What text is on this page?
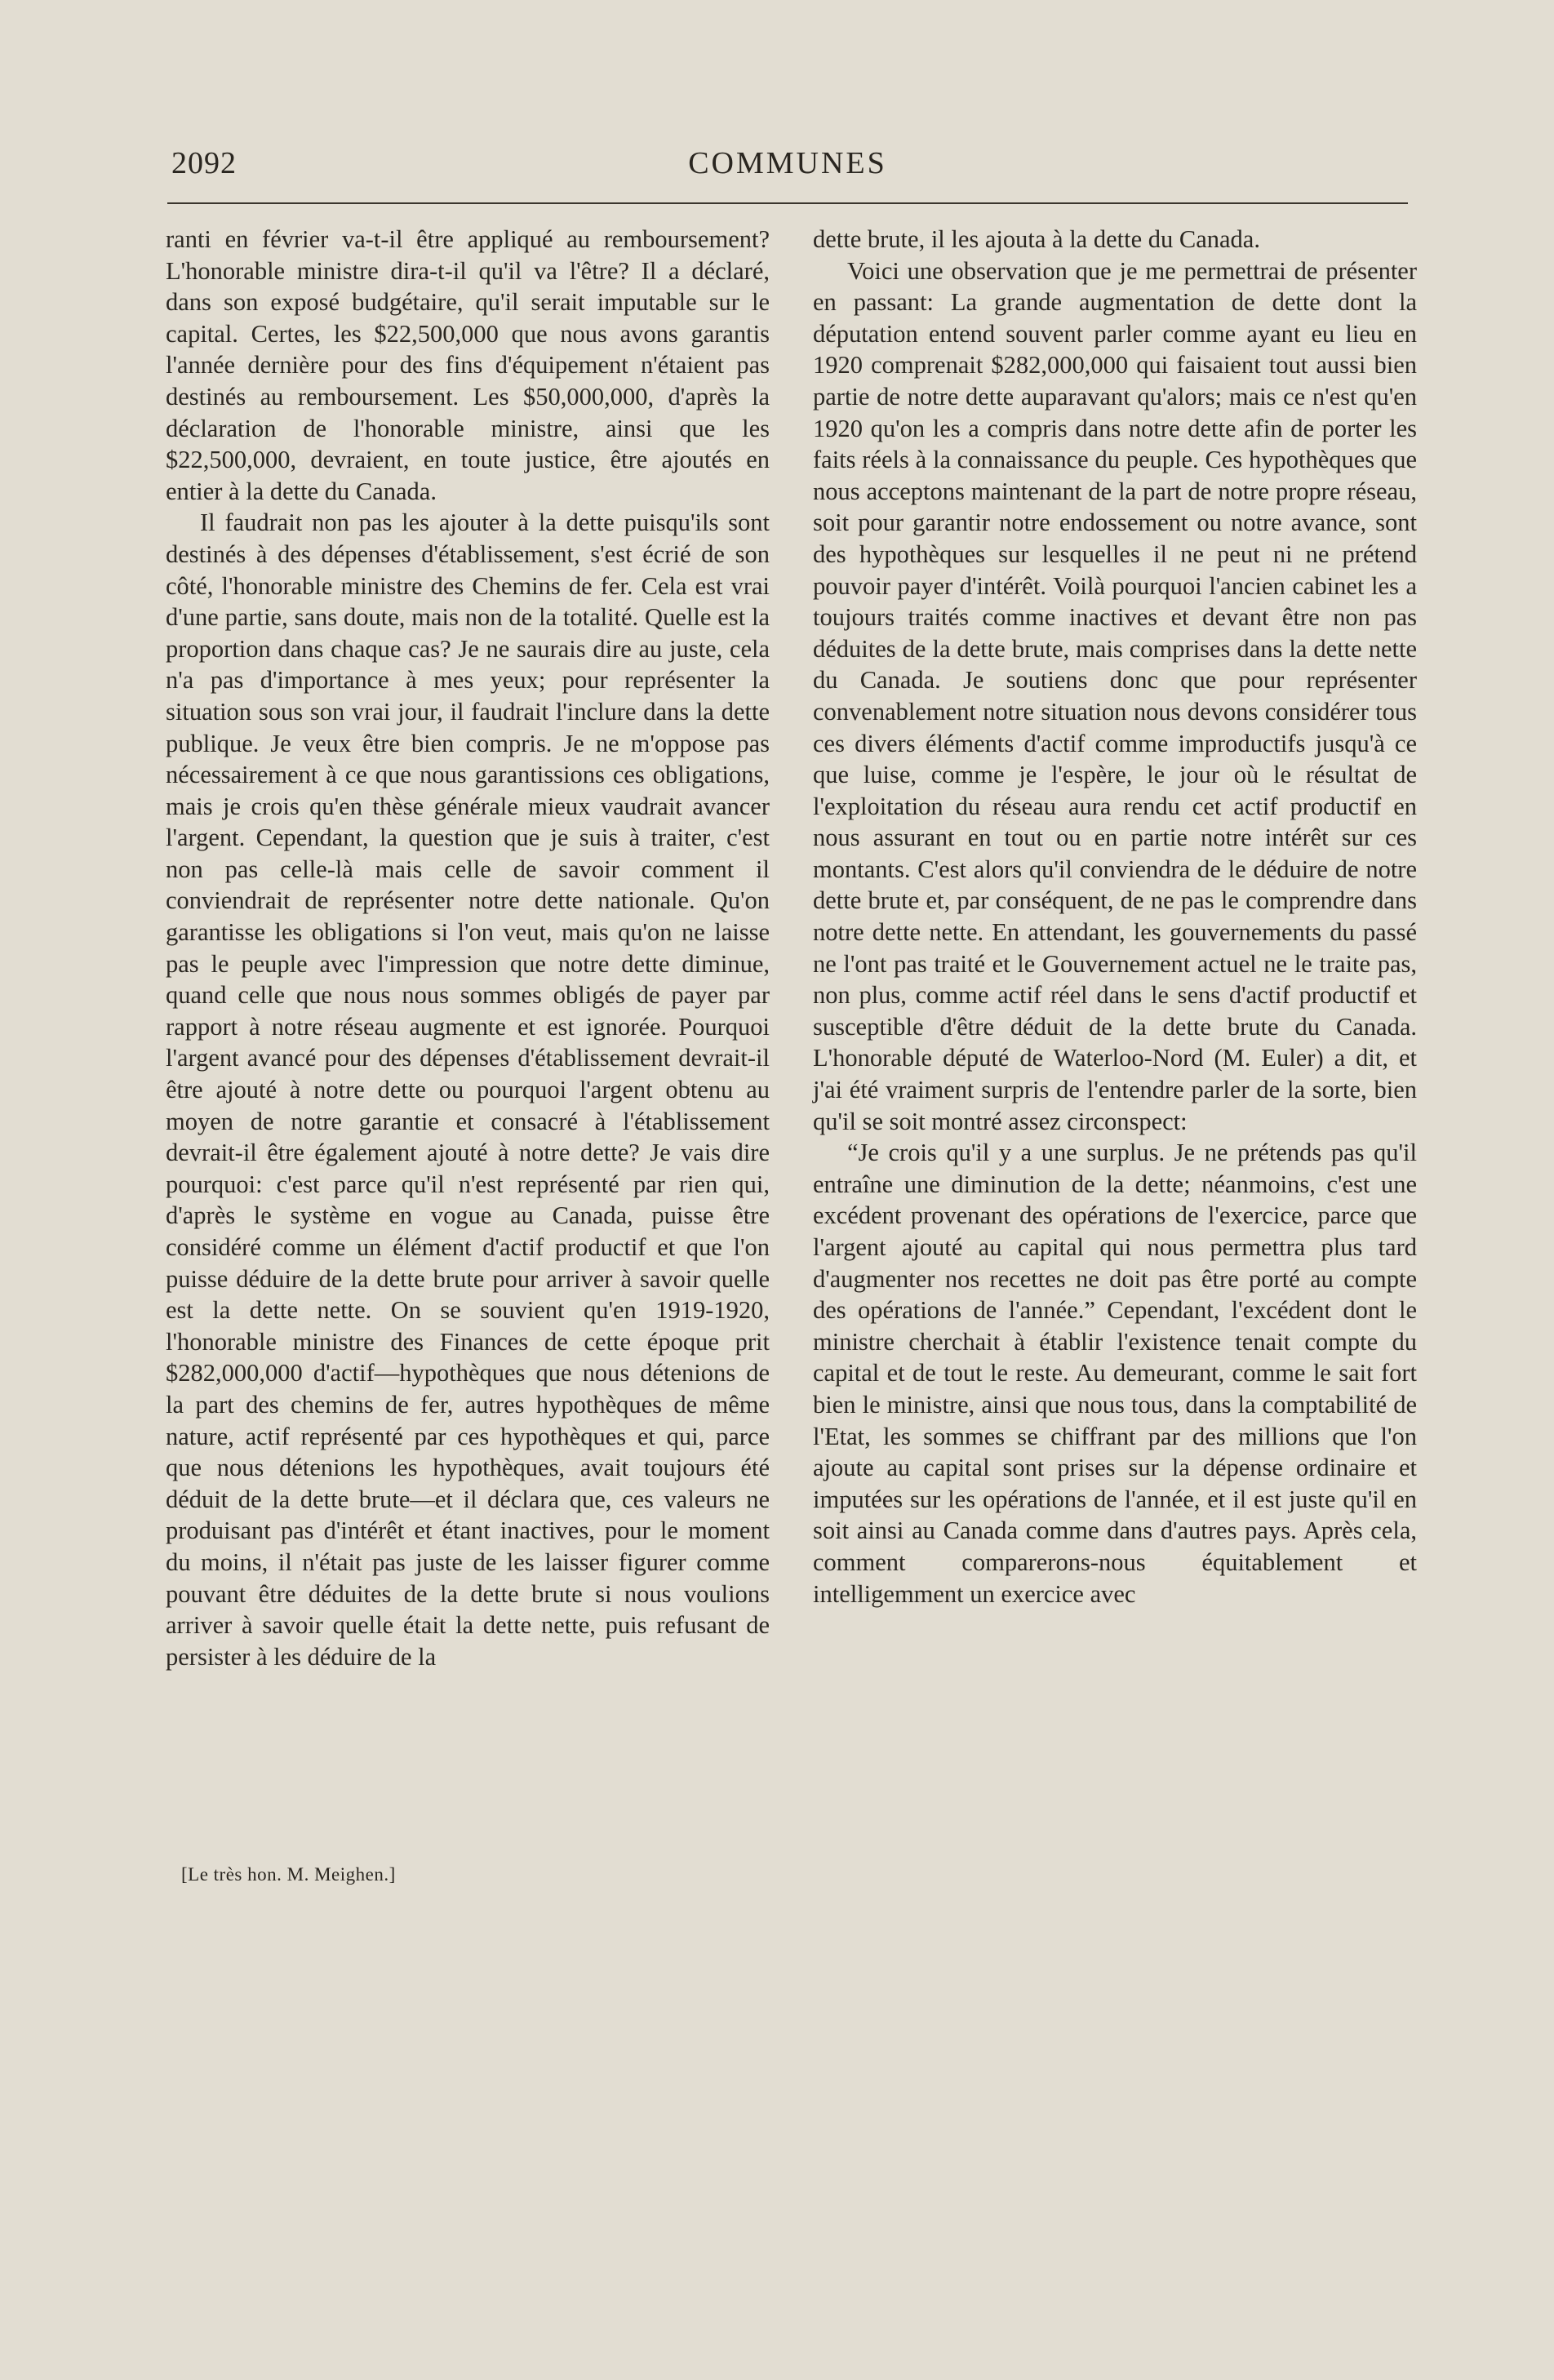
2092	COMMUNES

ranti en février va-t-il être appliqué au remboursement? L'honorable ministre dira-t-il qu'il va l'être? Il a déclaré, dans son exposé budgétaire, qu'il serait imputable sur le capital. Certes, les $22,500,000 que nous avons garantis l'année dernière pour des fins d'équipement n'étaient pas destinés au remboursement. Les $50,000,000, d'après la déclaration de l'honorable ministre, ainsi que les $22,500,000, devraient, en toute justice, être ajoutés en entier à la dette du Canada.

Il faudrait non pas les ajouter à la dette puisqu'ils sont destinés à des dépenses d'établissement, s'est écrié de son côté, l'honorable ministre des Chemins de fer. Cela est vrai d'une partie, sans doute, mais non de la totalité. Quelle est la proportion dans chaque cas? Je ne saurais dire au juste, cela n'a pas d'importance à mes yeux; pour représenter la situation sous son vrai jour, il faudrait l'inclure dans la dette publique. Je veux être bien compris. Je ne m'oppose pas nécessairement à ce que nous garantissions ces obligations, mais je crois qu'en thèse générale mieux vaudrait avancer l'argent. Cependant, la question que je suis à traiter, c'est non pas celle-là mais celle de savoir comment il conviendrait de représenter notre dette nationale. Qu'on garantisse les obligations si l'on veut, mais qu'on ne laisse pas le peuple avec l'impression que notre dette diminue, quand celle que nous nous sommes obligés de payer par rapport à notre réseau augmente et est ignorée. Pourquoi l'argent avancé pour des dépenses d'établissement devrait-il être ajouté à notre dette ou pourquoi l'argent obtenu au moyen de notre garantie et consacré à l'établissement devrait-il être également ajouté à notre dette? Je vais dire pourquoi: c'est parce qu'il n'est représenté par rien qui, d'après le système en vogue au Canada, puisse être considéré comme un élément d'actif productif et que l'on puisse déduire de la dette brute pour arriver à savoir quelle est la dette nette. On se souvient qu'en 1919-1920, l'honorable ministre des Finances de cette époque prit $282,000,000 d'actif—hypothèques que nous détenions de la part des chemins de fer, autres hypothèques de même nature, actif représenté par ces hypothèques et qui, parce que nous détenions les hypothèques, avait toujours été déduit de la dette brute—et il déclara que, ces valeurs ne produisant pas d'intérêt et étant inactives, pour le moment du moins, il n'était pas juste de les laisser figurer comme pouvant être déduites de la dette brute si nous voulions arriver à savoir quelle était la dette nette, puis refusant de persister à les déduire de la

dette brute, il les ajouta à la dette du Canada.

Voici une observation que je me permettrai de présenter en passant: La grande augmentation de dette dont la députation entend souvent parler comme ayant eu lieu en 1920 comprenait $282,000,000 qui faisaient tout aussi bien partie de notre dette auparavant qu'alors; mais ce n'est qu'en 1920 qu'on les a compris dans notre dette afin de porter les faits réels à la connaissance du peuple. Ces hypothèques que nous acceptons maintenant de la part de notre propre réseau, soit pour garantir notre endossement ou notre avance, sont des hypothèques sur lesquelles il ne peut ni ne prétend pouvoir payer d'intérêt. Voilà pourquoi l'ancien cabinet les a toujours traités comme inactives et devant être non pas déduites de la dette brute, mais comprises dans la dette nette du Canada. Je soutiens donc que pour représenter convenablement notre situation nous devons considérer tous ces divers éléments d'actif comme improductifs jusqu'à ce que luise, comme je l'espère, le jour où le résultat de l'exploitation du réseau aura rendu cet actif productif en nous assurant en tout ou en partie notre intérêt sur ces montants. C'est alors qu'il conviendra de le déduire de notre dette brute et, par conséquent, de ne pas le comprendre dans notre dette nette. En attendant, les gouvernements du passé ne l'ont pas traité et le Gouvernement actuel ne le traite pas, non plus, comme actif réel dans le sens d'actif productif et susceptible d'être déduit de la dette brute du Canada. L'honorable député de Waterloo-Nord (M. Euler) a dit, et j'ai été vraiment surpris de l'entendre parler de la sorte, bien qu'il se soit montré assez circonspect:

“Je crois qu'il y a une surplus. Je ne prétends pas qu'il entraîne une diminution de la dette; néanmoins, c'est une excédent provenant des opérations de l'exercice, parce que l'argent ajouté au capital qui nous permettra plus tard d'augmenter nos recettes ne doit pas être porté au compte des opérations de l'année.” Cependant, l'excédent dont le ministre cherchait à établir l'existence tenait compte du capital et de tout le reste. Au demeurant, comme le sait fort bien le ministre, ainsi que nous tous, dans la comptabilité de l'Etat, les sommes se chiffrant par des millions que l'on ajoute au capital sont prises sur la dépense ordinaire et imputées sur les opérations de l'année, et il est juste qu'il en soit ainsi au Canada comme dans d'autres pays. Après cela, comment comparerons-nous équitablement et intelligemment un exercice avec

[Le très hon. M. Meighen.]
